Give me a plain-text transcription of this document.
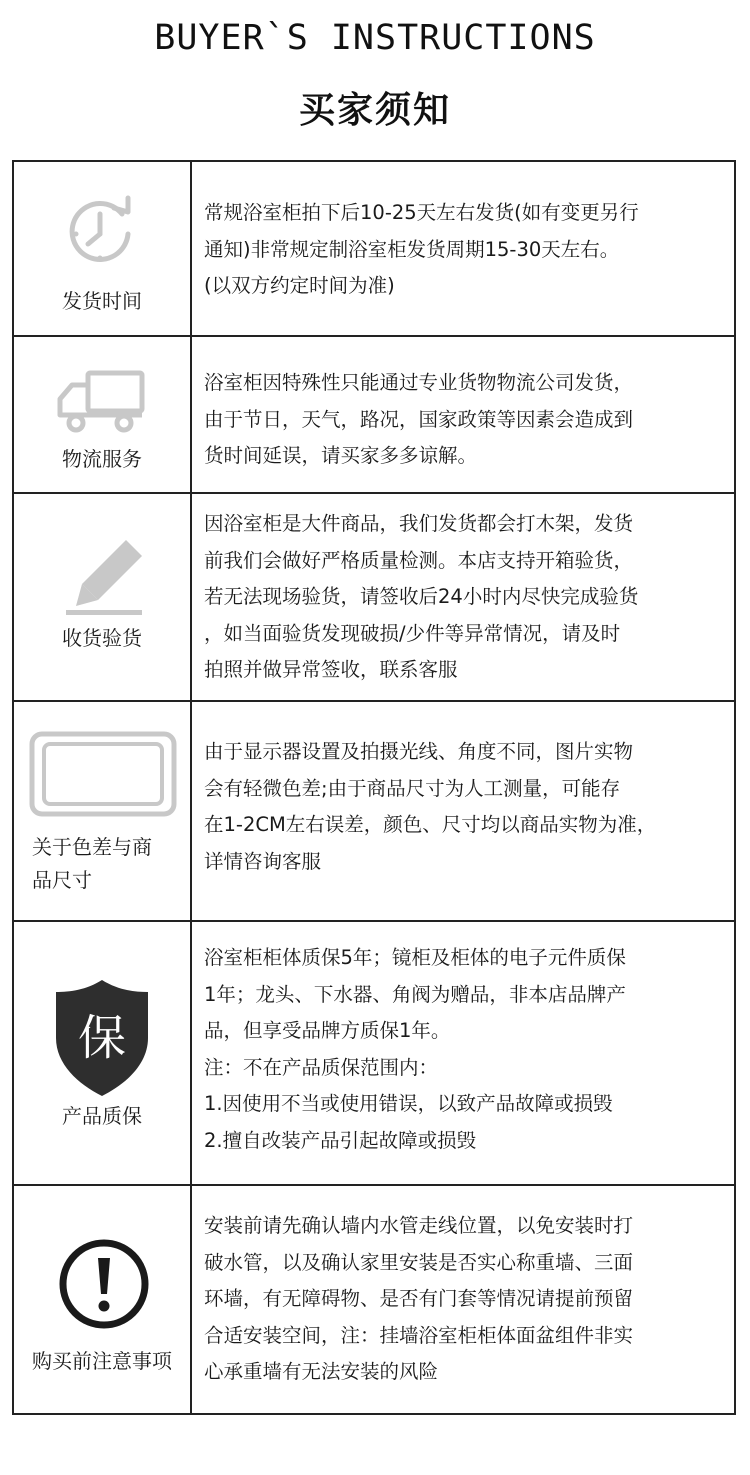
BUYER`S INSTRUCTIONS
买家须知
发货时间

常规浴室柜拍下后10-25天左右发货(如有变更另行

通知)非常规定制浴室柜发货周期15-30天左右。

(以双方约定时间为准)

物流服务

浴室柜因特殊性只能通过专业货物物流公司发货，

由于节日，天气，路况，国家政策等因素会造成到

货时间延误，请买家多多谅解。

收货验货

因浴室柜是大件商品，我们发货都会打木架，发货

前我们会做好严格质量检测。本店支持开箱验货，

若无法现场验货，请签收后24小时内尽快完成验货

，如当面验货发现破损/少件等异常情况，请及时

拍照并做异常签收，联系客服

关于色差与商
品尺寸

由于显示器设置及拍摄光线、角度不同，图片实物

会有轻微色差;由于商品尺寸为人工测量，可能存

在1-2CM左右误差，颜色、尺寸均以商品实物为准，

详情咨询客服

保
产品质保

浴室柜柜体质保5年；镜柜及柜体的电子元件质保

1年；龙头、下水器、角阀为赠品，非本店品牌产

品，但享受品牌方质保1年。

注：不在产品质保范围内：

1.因使用不当或使用错误，以致产品故障或损毁

2.擅自改装产品引起故障或损毁

购买前注意事项

安装前请先确认墙内水管走线位置，以免安装时打

破水管，以及确认家里安装是否实心称重墙、三面

环墙，有无障碍物、是否有门套等情况请提前预留

合适安装空间，注：挂墙浴室柜柜体面盆组件非实

心承重墙有无法安装的风险
